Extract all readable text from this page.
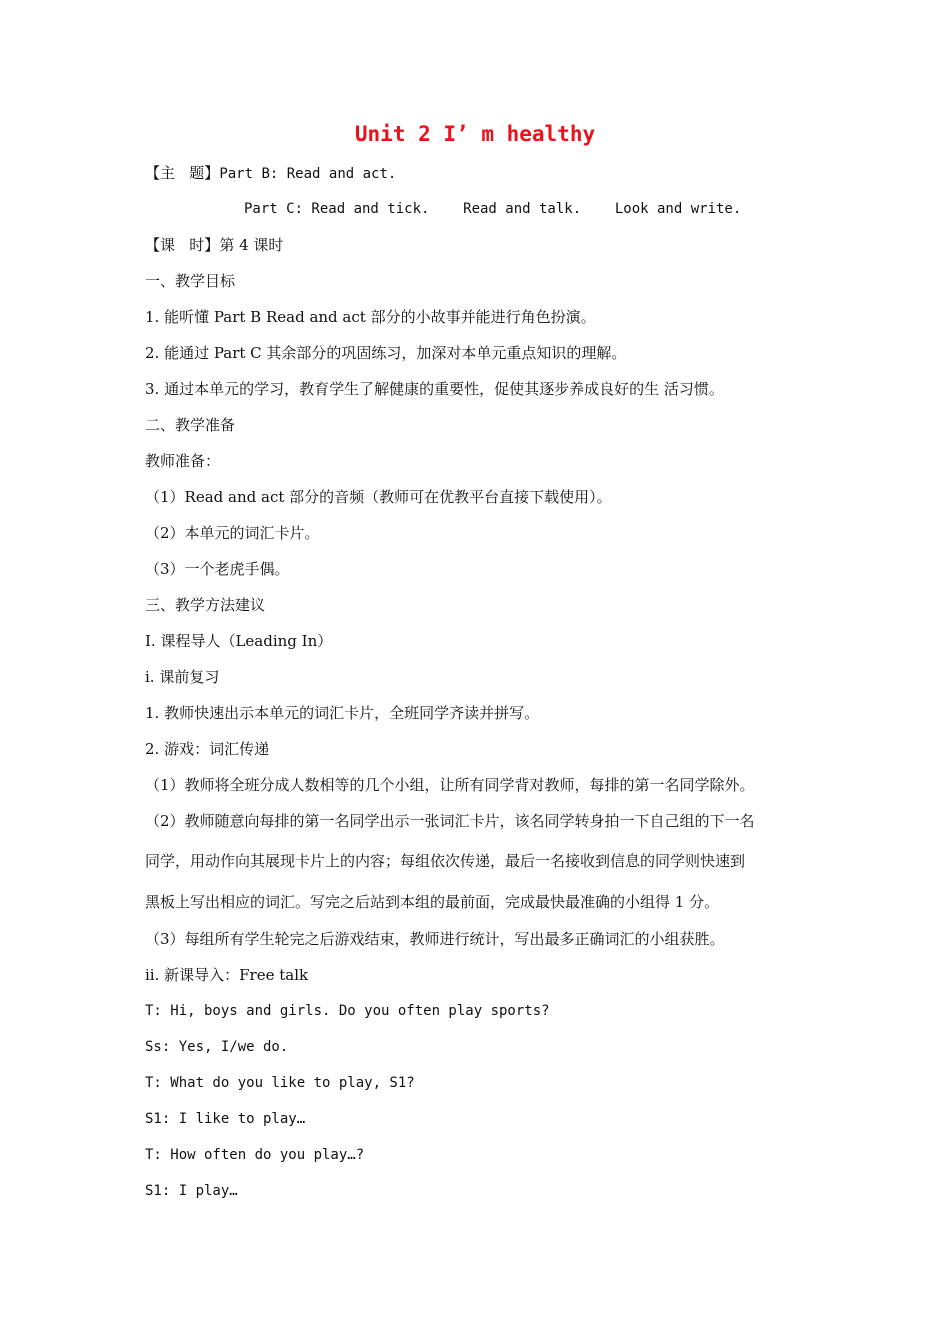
Unit 2 I’ m healthy
【主   题】Part B: Read and act.
Part C: Read and tick.    Read and talk.    Look and write.
【课   时】第 4 课时
一、教学目标
1. 能听懂 Part B Read and act 部分的小故事并能进行角色扮演。
2. 能通过 Part C 其余部分的巩固练习，加深对本单元重点知识的理解。
3. 通过本单元的学习，教育学生了解健康的重要性，促使其逐步养成良好的生 活习惯。
二、教学准备
教师准备：
（1）Read and act 部分的音频（教师可在优教平台直接下载使用）。
（2）本单元的词汇卡片。
（3）一个老虎手偶。
三、教学方法建议
I. 课程导人（Leading In）
i. 课前复习
1. 教师快速出示本单元的词汇卡片，全班同学齐读并拼写。
2. 游戏：词汇传递
（1）教师将全班分成人数相等的几个小组，让所有同学背对教师，每排的第一名同学除外。
（2）教师随意向每排的第一名同学出示一张词汇卡片，该名同学转身拍一下自己组的下一名
同学，用动作向其展现卡片上的内容；每组依次传递，最后一名接收到信息的同学则快速到
黑板上写出相应的词汇。写完之后站到本组的最前面，完成最快最准确的小组得 1 分。
（3）每组所有学生轮完之后游戏结束，教师进行统计，写出最多正确词汇的小组获胜。
ii. 新课导入：Free talk
T: Hi, boys and girls. Do you often play sports?
Ss: Yes, I/we do.
T: What do you like to play, S1?
S1: I like to play…
T: How often do you play…?
S1: I play…
